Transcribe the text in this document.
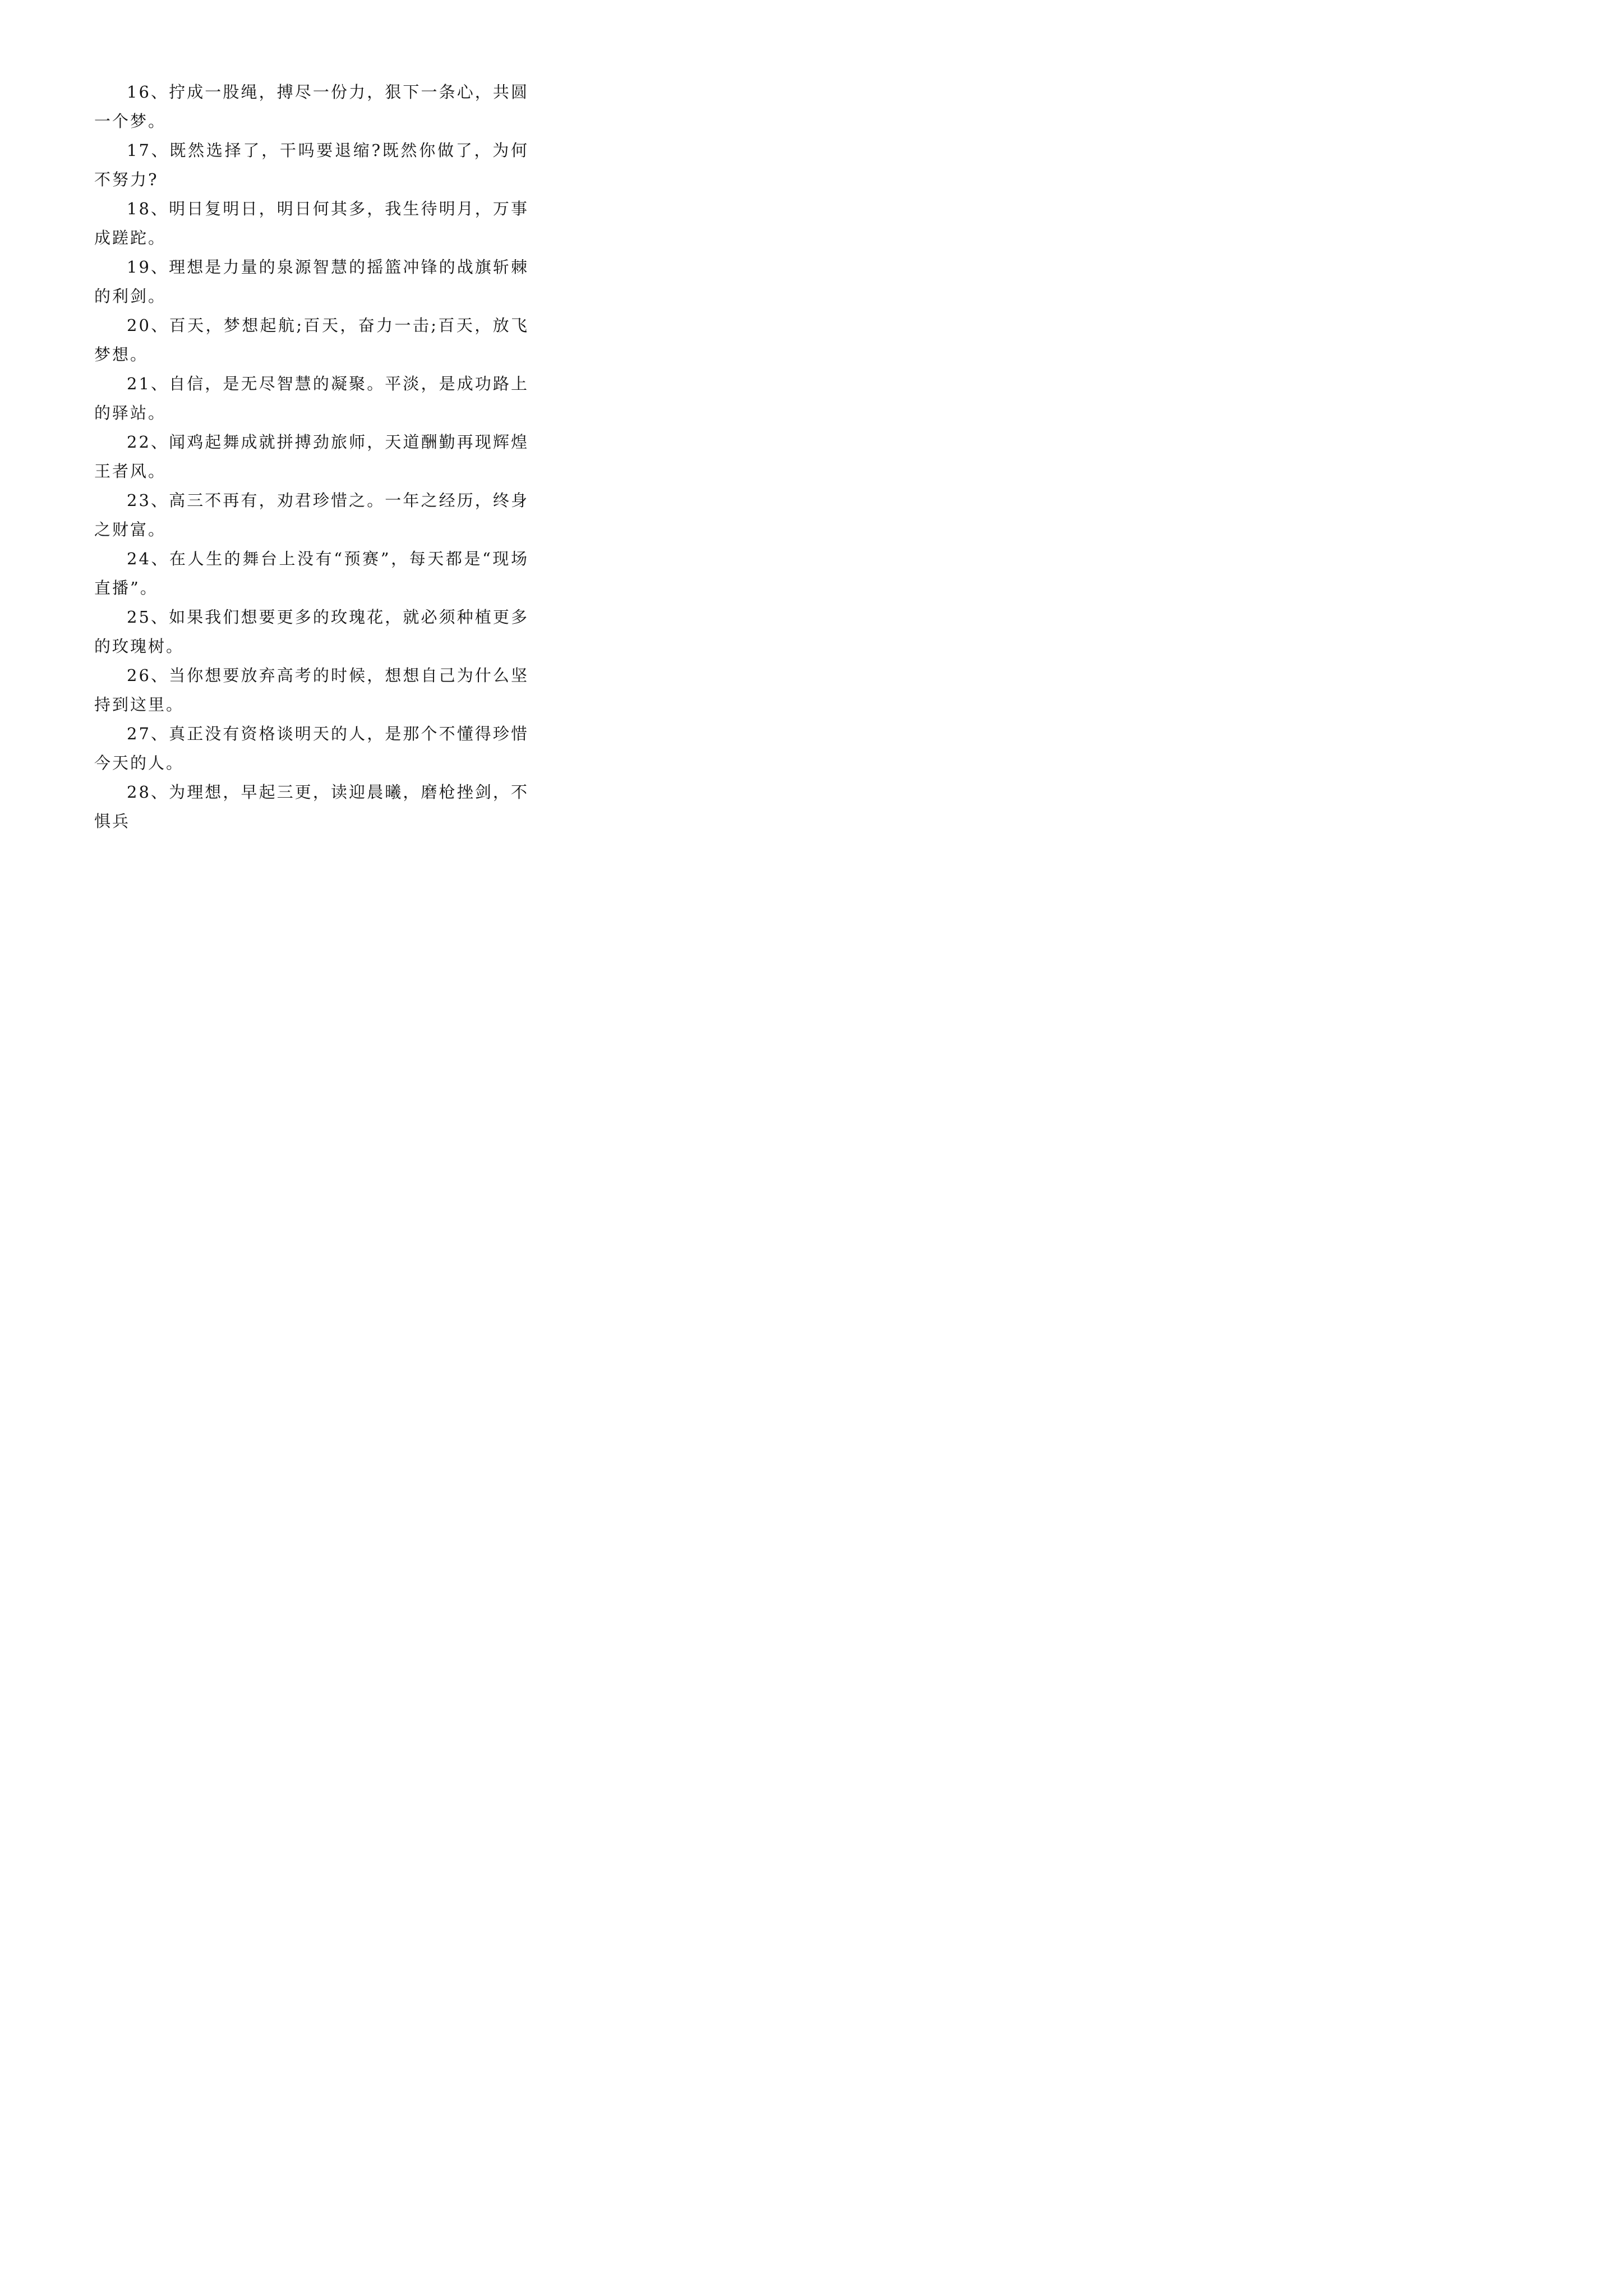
16、拧成一股绳，搏尽一份力，狠下一条心，共圆一个梦。

17、既然选择了，干吗要退缩?既然你做了，为何不努力?

18、明日复明日，明日何其多，我生待明月，万事成蹉跎。

19、理想是力量的泉源智慧的摇篮冲锋的战旗斩棘的利剑。

20、百天，梦想起航;百天，奋力一击;百天，放飞梦想。

21、自信，是无尽智慧的凝聚。平淡，是成功路上的驿站。

22、闻鸡起舞成就拼搏劲旅师，天道酬勤再现辉煌王者风。

23、高三不再有，劝君珍惜之。一年之经历，终身之财富。

24、在人生的舞台上没有“预赛”，每天都是“现场直播”。

25、如果我们想要更多的玫瑰花，就必须种植更多的玫瑰树。

26、当你想要放弃高考的时候，想想自己为什么坚持到这里。

27、真正没有资格谈明天的人，是那个不懂得珍惜今天的人。

28、为理想，早起三更，读迎晨曦，磨枪挫剑，不惧兵
